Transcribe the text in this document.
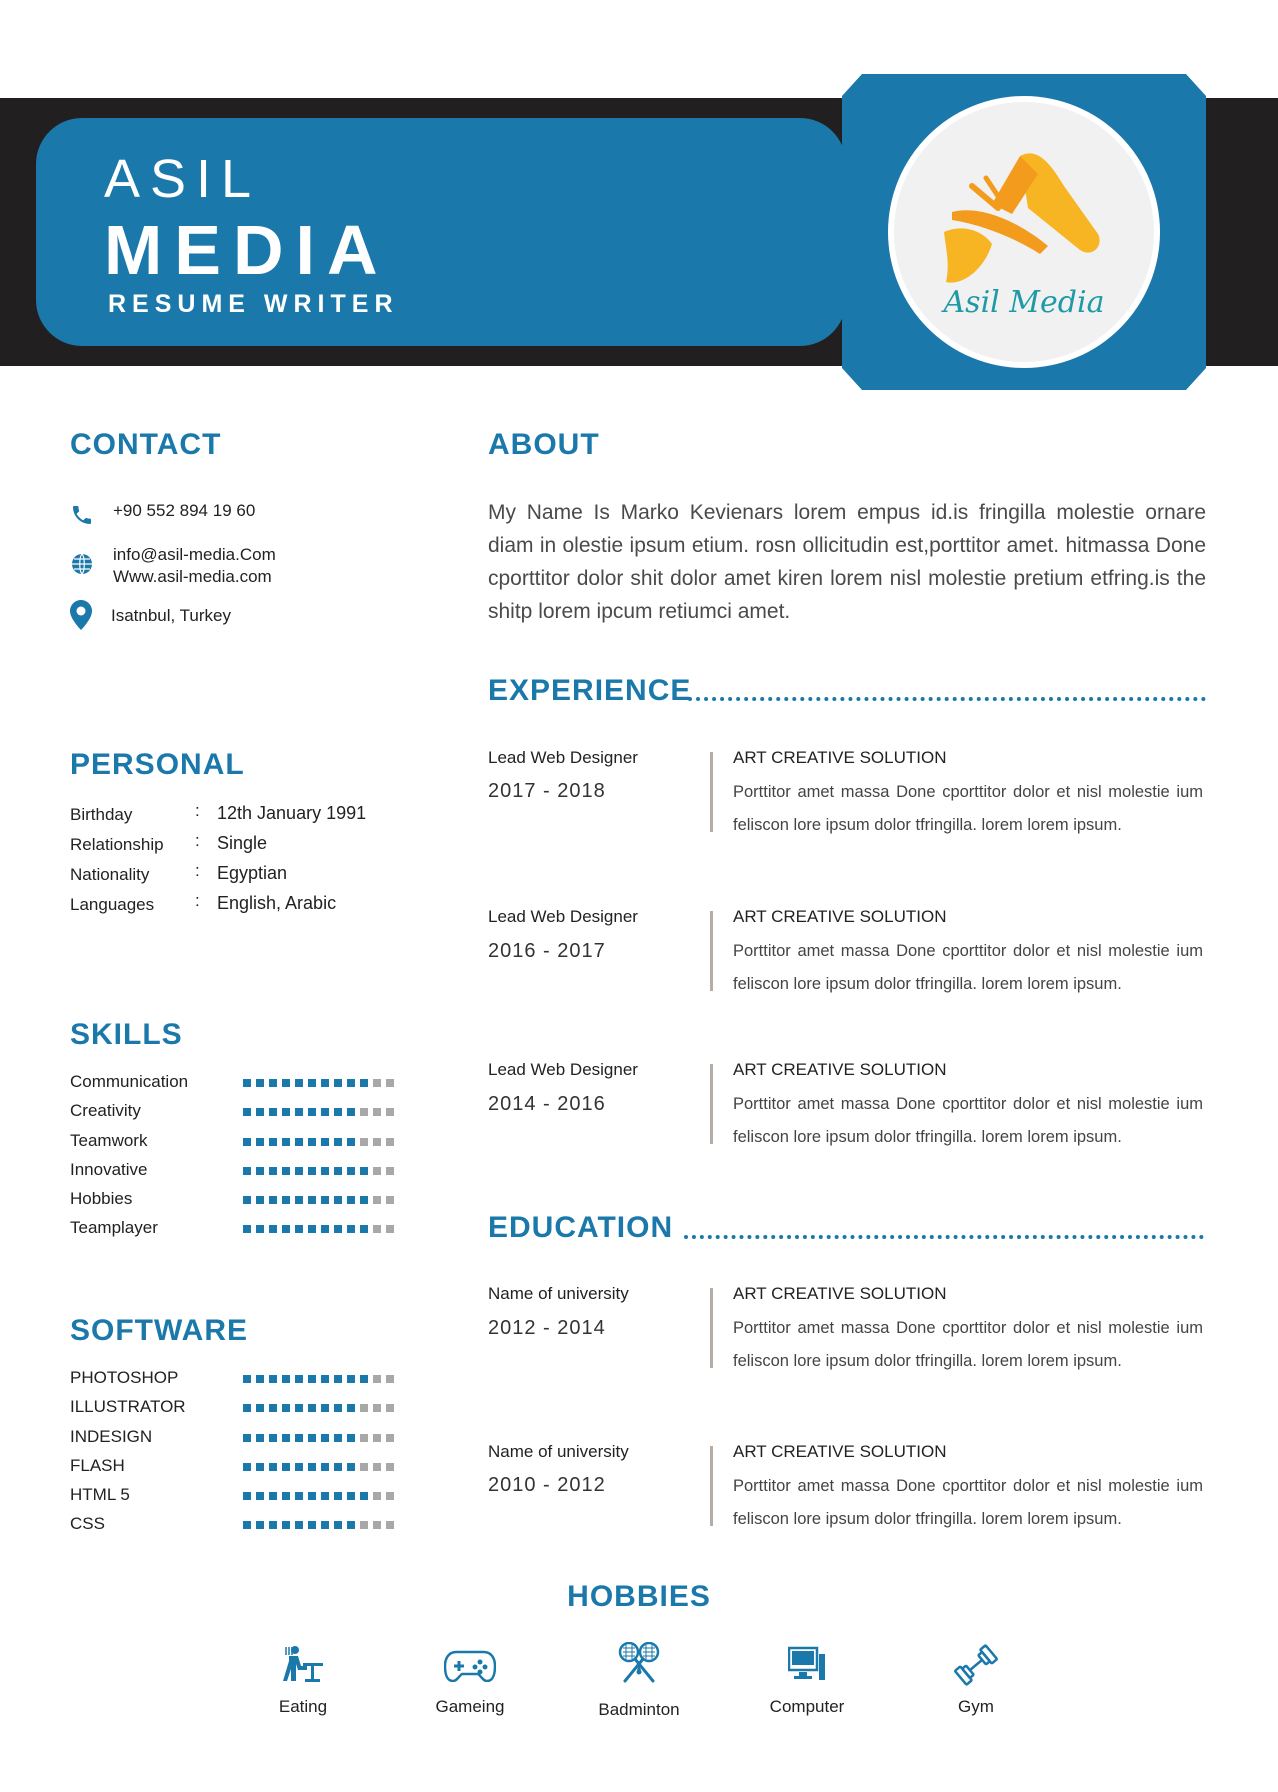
ASIL
MEDIA
RESUME WRITER	Asil Media
CONTACT
+90 552 894 19 60
info@asil-media.Com
Www.asil-media.com
Isatnbul, Turkey
PERSONAL
Birthday	: 12th January 1991
Relationship : Single
Nationality	: Egyptian
Languages : English, Arabic
SKILLS
Communication
Creativity
Teamwork
Innovative
Hobbies
Teamplayer
SOFTWARE
PHOTOSHOP
ILLUSTRATOR
INDESIGN
FLASH
HTML 5
CSS
ABOUT
My Name Is Marko Kevienars lorem empus id.is fringilla molestie ornare diam in olestie ipsum etium. rosn ollicitudin est,porttitor amet. hitmassa Done cporttitor dolor shit dolor amet kiren lorem nisl molestie pretium etfring.is the shitp lorem ipcum retiumci amet.
EXPERIENCE
Lead Web Designer
2017 - 2018
ART CREATIVE SOLUTION
Porttitor amet massa Done cporttitor dolor et nisl molestie ium feliscon lore ipsum dolor tfringilla. lorem lorem ipsum.
Lead Web Designer
2016 - 2017
ART CREATIVE SOLUTION
Porttitor amet massa Done cporttitor dolor et nisl molestie ium feliscon lore ipsum dolor tfringilla. lorem lorem ipsum.
Lead Web Designer
2014 - 2016
ART CREATIVE SOLUTION
Porttitor amet massa Done cporttitor dolor et nisl molestie ium feliscon lore ipsum dolor tfringilla. lorem lorem ipsum.
EDUCATION
Name of university
2012 - 2014
ART CREATIVE SOLUTION
Porttitor amet massa Done cporttitor dolor et nisl molestie ium feliscon lore ipsum dolor tfringilla. lorem lorem ipsum.
Name of university
2010 - 2012
ART CREATIVE SOLUTION
Porttitor amet massa Done cporttitor dolor et nisl molestie ium feliscon lore ipsum dolor tfringilla. lorem lorem ipsum.
HOBBIES
Eating	Gameing	Badminton	Computer	Gym
